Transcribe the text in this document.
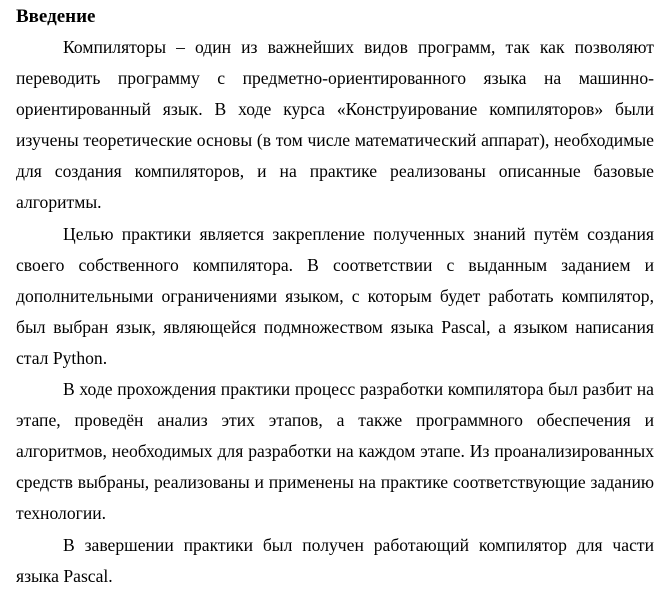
Введение

Компиляторы – один из важнейших видов программ, так как позволяют переводить программу с предметно-ориентированного языка на машинно-ориентированный язык. В ходе курса «Конструирование компиляторов» были изучены теоретические основы (в том числе математический аппарат), необходимые для создания компиляторов, и на практике реализованы описанные базовые алгоритмы.

Целью практики является закрепление полученных знаний путём создания своего собственного компилятора. В соответствии с выданным заданием и дополнительными ограничениями языком, с которым будет работать компилятор, был выбран язык, являющейся подмножеством языка Pascal, а языком написания стал Python.

В ходе прохождения практики процесс разработки компилятора был разбит на этапе, проведён анализ этих этапов, а также программного обеспечения и алгоритмов, необходимых для разработки на каждом этапе. Из проанализированных средств выбраны, реализованы и применены на практике соответствующие заданию технологии.

В завершении практики был получен работающий компилятор для части языка Pascal.
